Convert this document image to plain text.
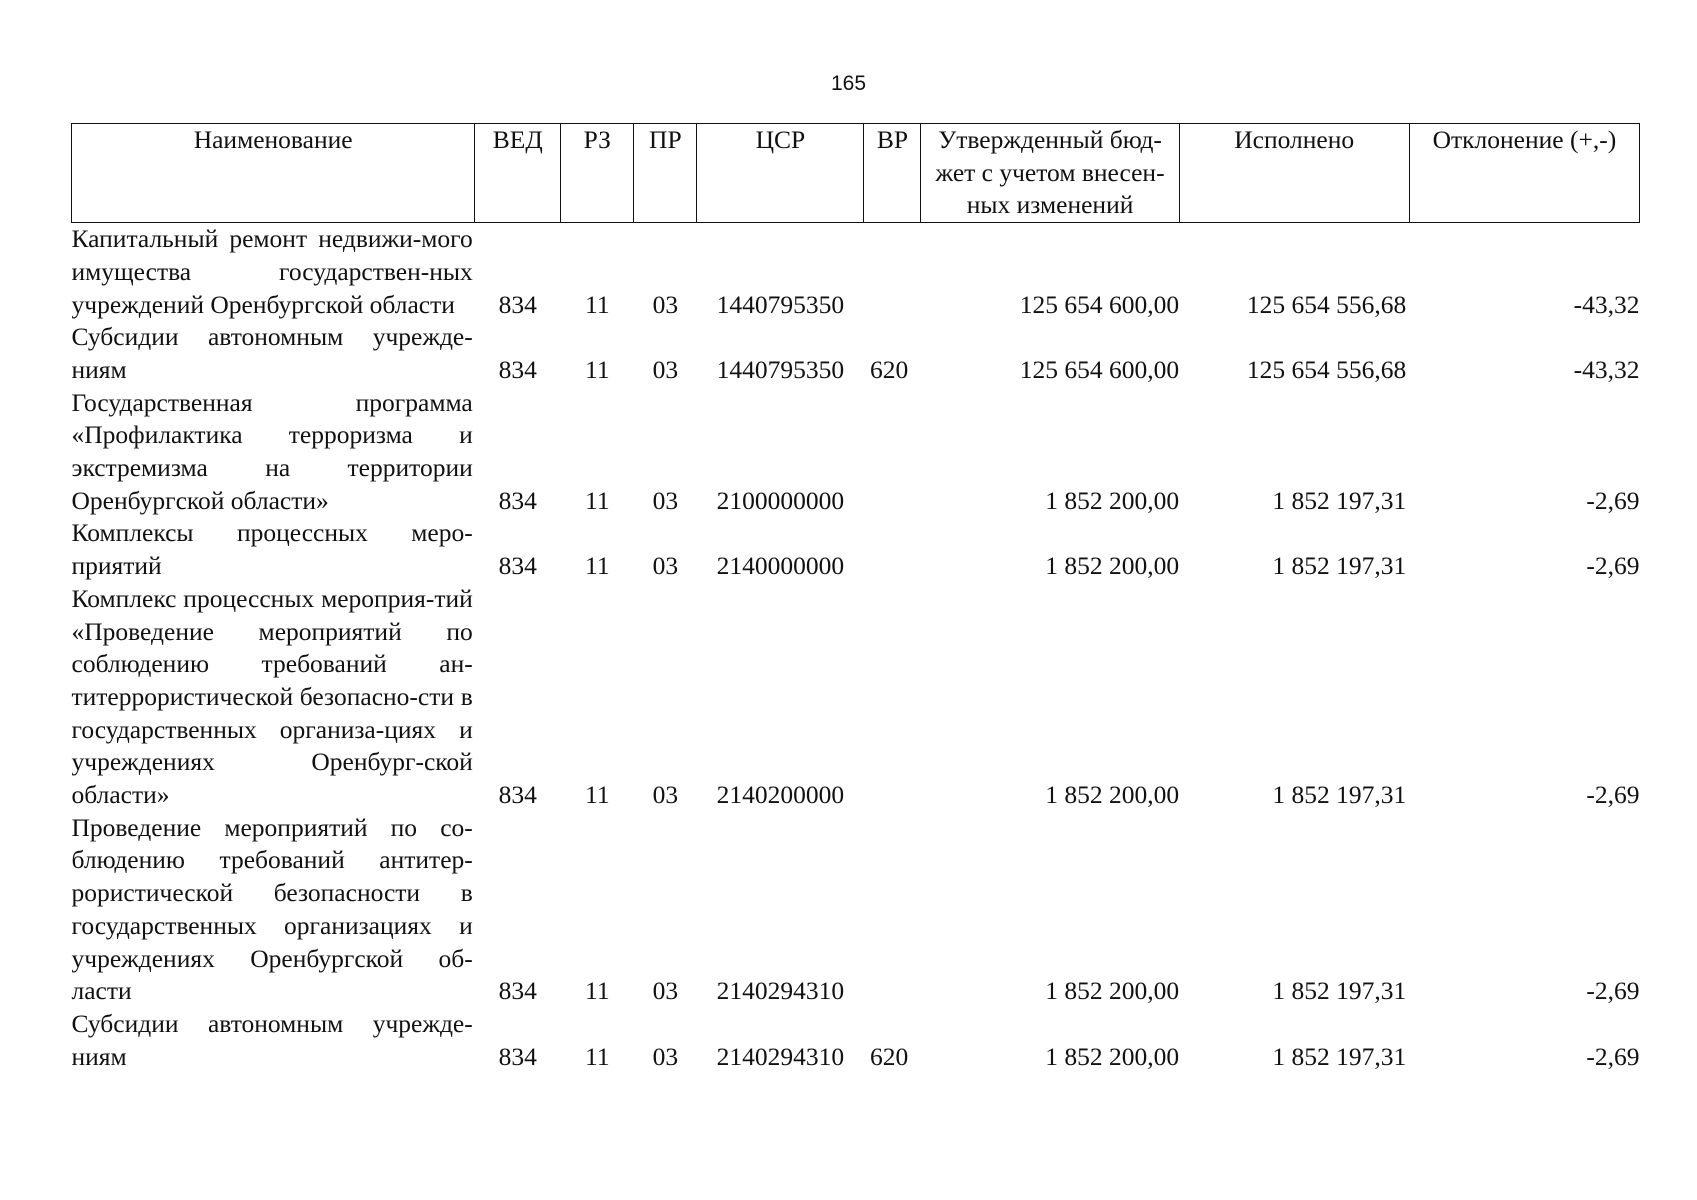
165
Наименование	ВЕД	РЗ	ПР	ЦСР	ВР	Утвержденный бюд-жет с учетом внесен-ных изменений	Исполнено	Отклонение (+,-)
Капитальный ремонт недвижи-мого имущества государствен-ных учреждений Оренбургской области	834	11	03	1440795350		125 654 600,00	125 654 556,68	-43,32
Субсидии автономным учрежде-ниям	834	11	03	1440795350	620	125 654 600,00	125 654 556,68	-43,32
Государственная программа «Профилактика терроризма и экстремизма на территории Оренбургской области»	834	11	03	2100000000		1 852 200,00	1 852 197,31	-2,69
Комплексы процессных меро-приятий	834	11	03	2140000000		1 852 200,00	1 852 197,31	-2,69
Комплекс процессных мероприя-тий «Проведение мероприятий по соблюдению требований ан-титеррористической безопасно-сти в государственных организа-циях и учреждениях Оренбург-ской области»	834	11	03	2140200000		1 852 200,00	1 852 197,31	-2,69
Проведение мероприятий по со-блюдению требований антитер-рористической безопасности в государственных организациях и учреждениях Оренбургской об-ласти	834	11	03	2140294310		1 852 200,00	1 852 197,31	-2,69
Субсидии автономным учрежде-ниям	834	11	03	2140294310	620	1 852 200,00	1 852 197,31	-2,69
